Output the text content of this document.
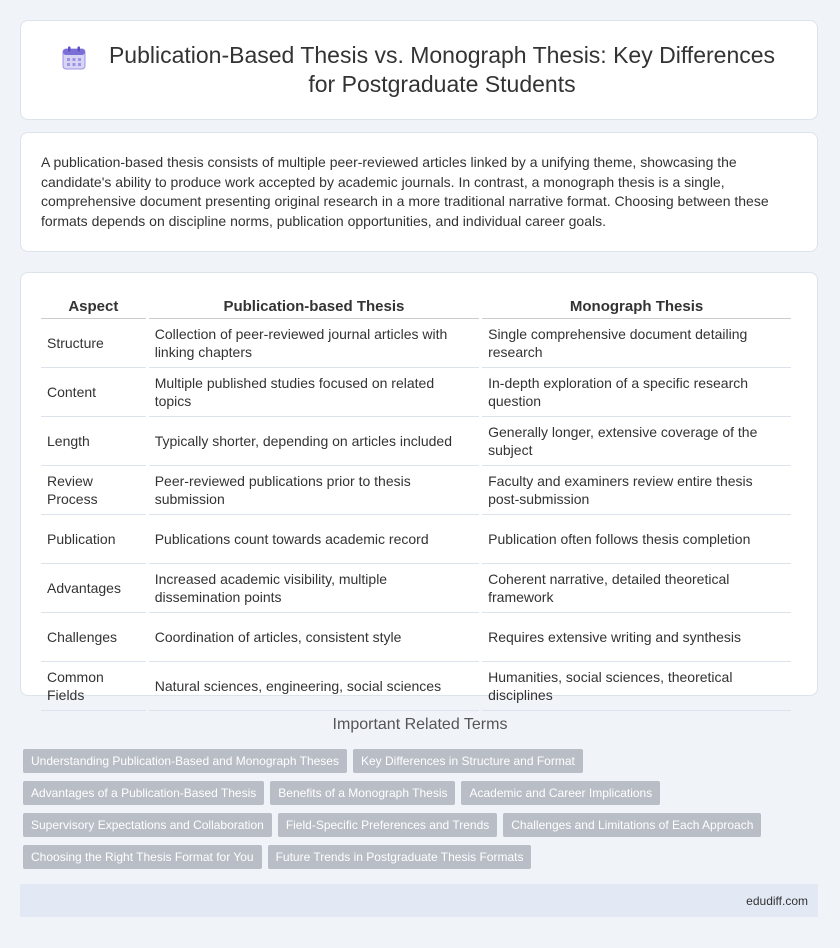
Publication-Based Thesis vs. Monograph Thesis: Key Differences for Postgraduate Students

A publication-based thesis consists of multiple peer-reviewed articles linked by a unifying theme, showcasing the candidate's ability to produce work accepted by academic journals. In contrast, a monograph thesis is a single, comprehensive document presenting original research in a more traditional narrative format. Choosing between these formats depends on discipline norms, publication opportunities, and individual career goals.

Aspect	Publication-based Thesis	Monograph Thesis
Structure	Collection of peer-reviewed journal articles with linking chapters	Single comprehensive document detailing research
Content	Multiple published studies focused on related topics	In-depth exploration of a specific research question
Length	Typically shorter, depending on articles included	Generally longer, extensive coverage of the subject
Review Process	Peer-reviewed publications prior to thesis submission	Faculty and examiners review entire thesis post-submission
Publication	Publications count towards academic record	Publication often follows thesis completion
Advantages	Increased academic visibility, multiple dissemination points	Coherent narrative, detailed theoretical framework
Challenges	Coordination of articles, consistent style	Requires extensive writing and synthesis
Common Fields	Natural sciences, engineering, social sciences	Humanities, social sciences, theoretical disciplines
Important Related Terms
Understanding Publication-Based and Monograph Theses	Key Differences in Structure and Format
Advantages of a Publication-Based Thesis	Benefits of a Monograph Thesis	Academic and Career Implications
Supervisory Expectations and Collaboration	Field-Specific Preferences and Trends	Challenges and Limitations of Each Approach
Choosing the Right Thesis Format for You	Future Trends in Postgraduate Thesis Formats
edudiff.com
